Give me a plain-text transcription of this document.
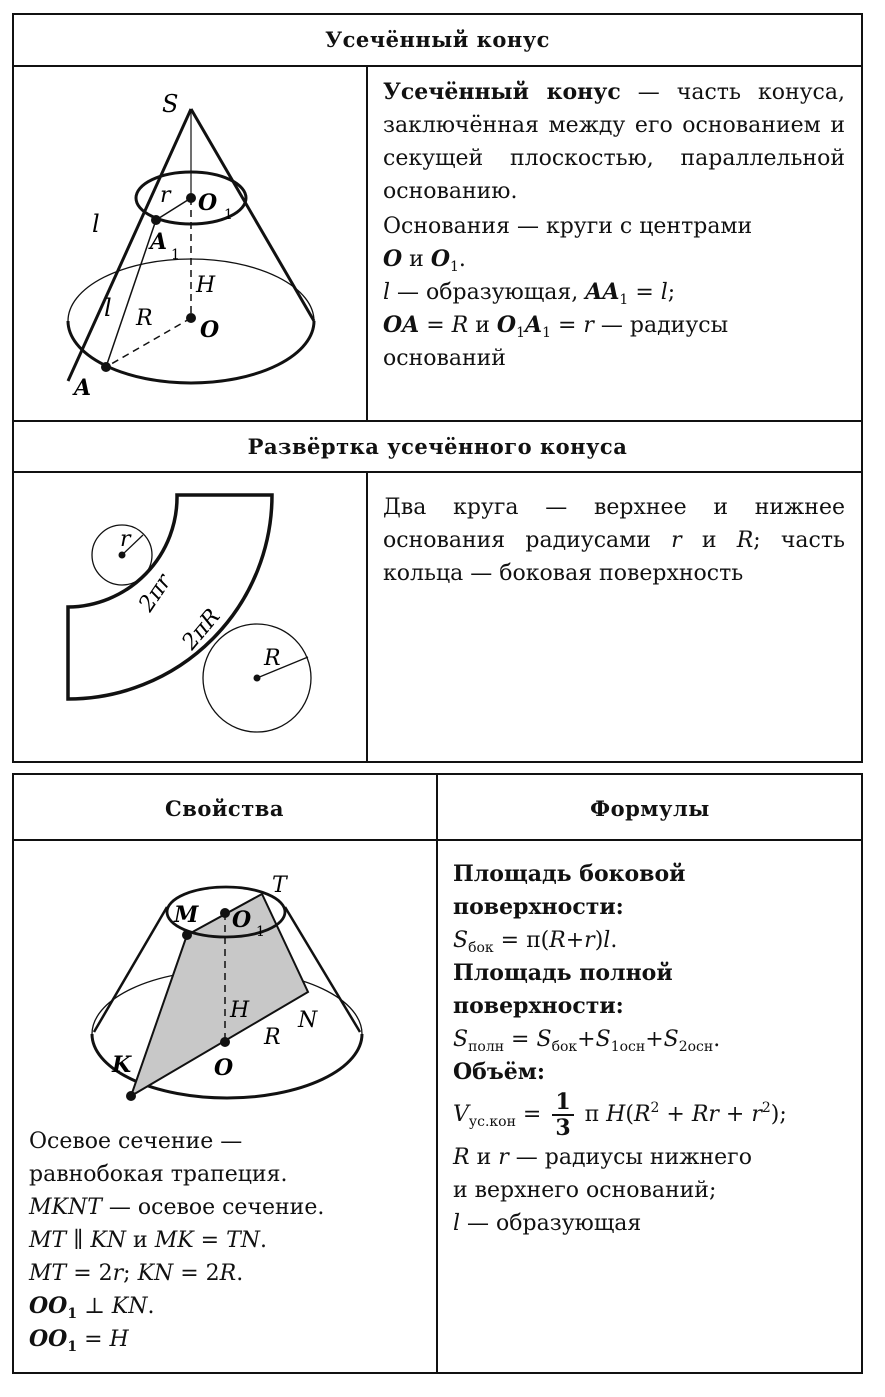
Усечённый конус
S
r O 1
l
A 1
H
l R O
A
Усечённый конус — часть конуса, заключённая между его основанием и секущей плоскостью, параллельной основанию.
Основания — круги с центрами
O и $O_1$.
l — образующая, $AA_1 = l$;
OA = R и $O_1A_1 = r$ — радиусы
оснований
Развёртка усечённого конуса
r
R
2πr
2πR
Два круга — верхнее и нижнее основания радиусами r и R; часть кольца — боковая поверхность
Свойства	Формулы
T
M O 1
H N
R
K	O
Осевое сечение —
равнобокая трапеция.
MKNT — осевое сечение.
MT ∥ KN и MK = TN.
MT = 2r; KN = 2R.
$OO_1$ ⊥ KN.
$OO_1 = H$
Площадь боковой
поверхности:
$S_{бок} = \pi(R+r)l$.
Площадь полной
поверхности:
$S_{полн} = S_{бок}+S_{1осн}+S_{2осн}$.
Объём:
$V_{ус.кон} = \frac{1}{3}$ π $H(R^2 + Rr + r^2)$;
R и r — радиусы нижнего
и верхнего оснований;
l — образующая
